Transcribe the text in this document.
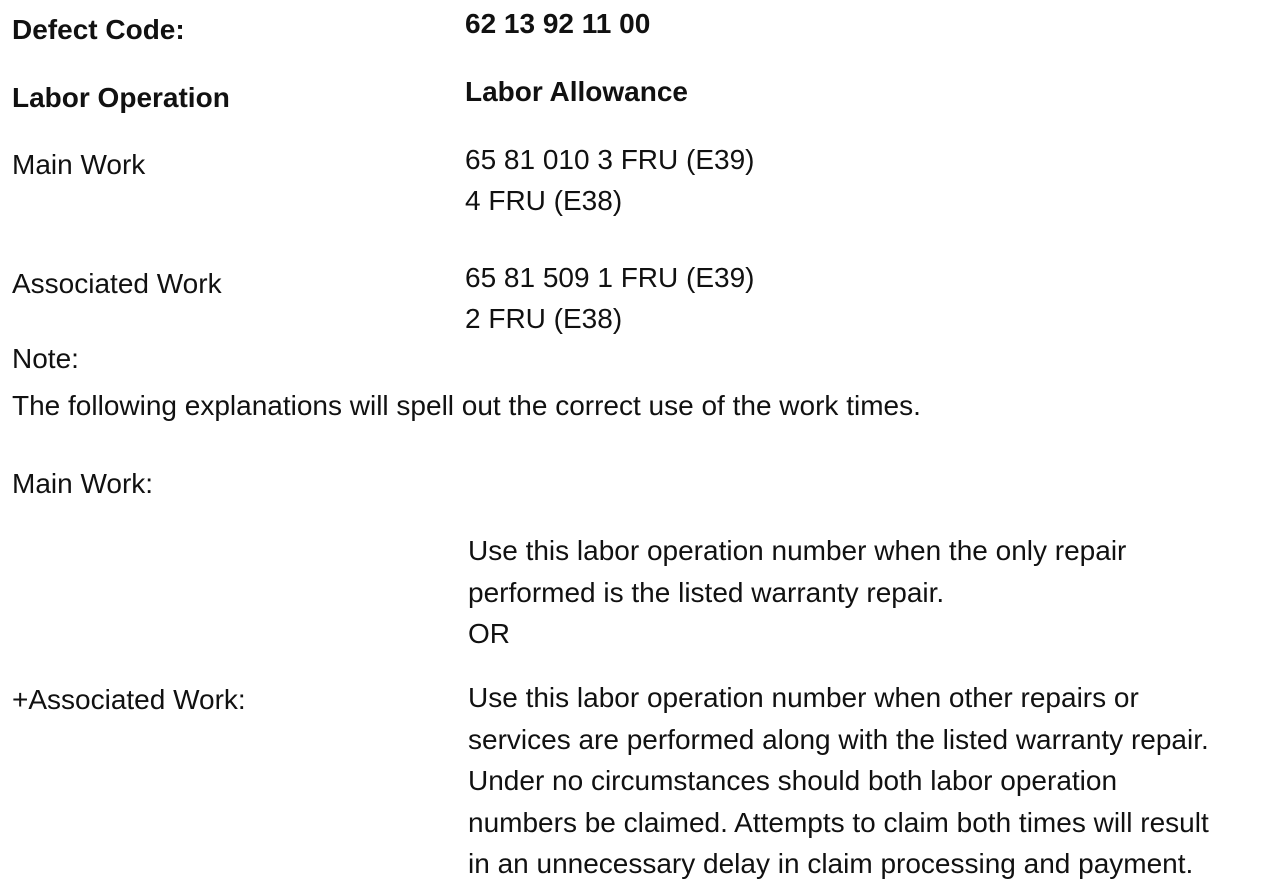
Defect Code:	62 13 92 11 00

Labor Operation	Labor Allowance

Main Work	65 81 010 3 FRU (E39)

4 FRU (E38)

Associated Work	65 81 509 1 FRU (E39)

2 FRU (E38)

Note:

The following explanations will spell out the correct use of the work times.

Main Work:

Use this labor operation number when the only repair
performed is the listed warranty repair.
OR

+Associated Work:	Use this labor operation number when other repairs or
services are performed along with the listed warranty repair.
Under no circumstances should both labor operation
numbers be claimed. Attempts to claim both times will result
in an unnecessary delay in claim processing and payment.
